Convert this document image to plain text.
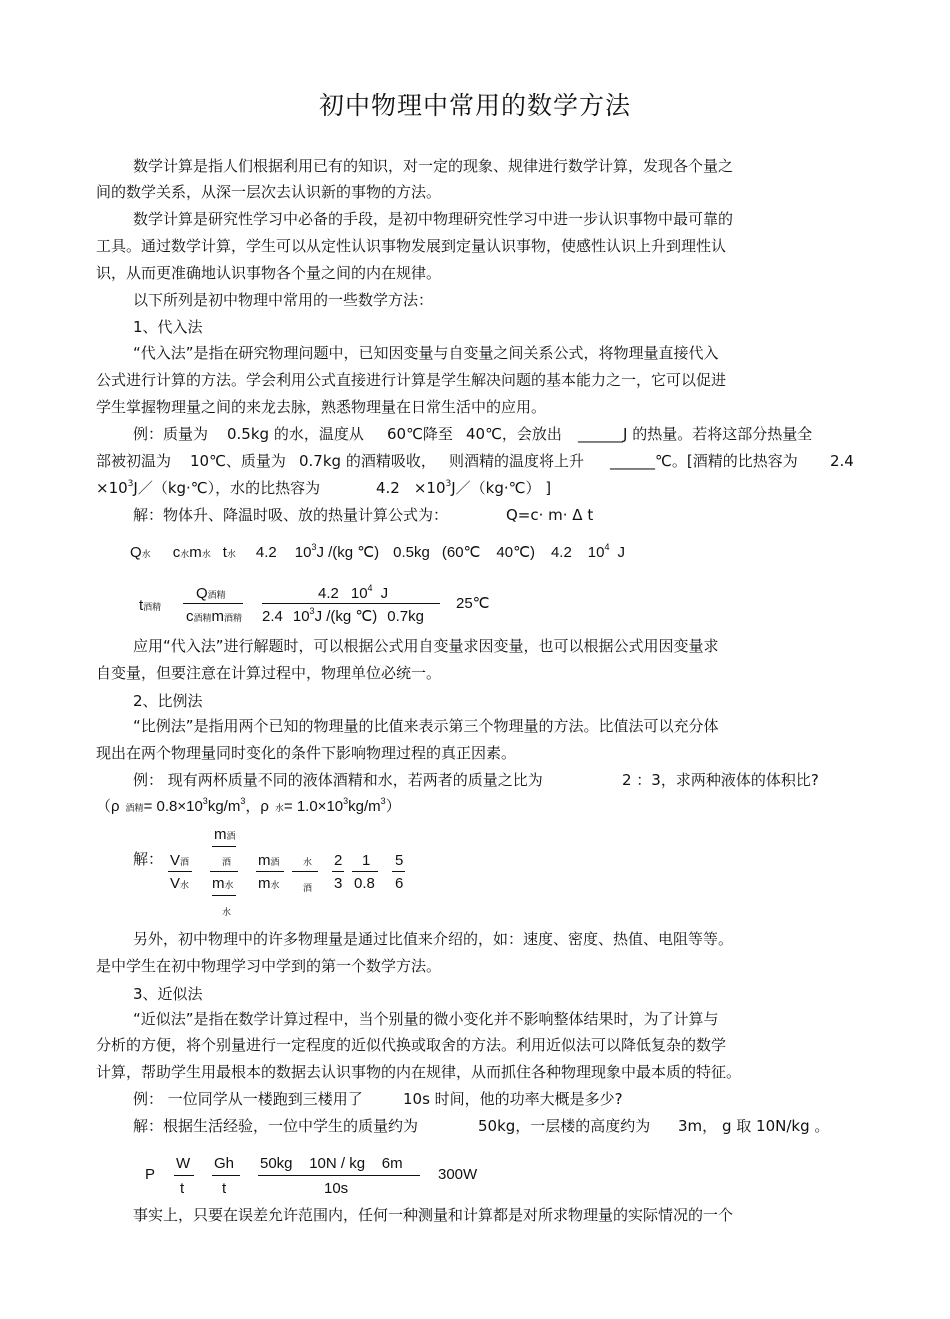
初中物理中常用的数学方法
数学计算是指人们根据利用已有的知识，对一定的现象、规律进行数学计算，发现各个量之
间的数学关系，从深一层次去认识新的事物的方法。
数学计算是研究性学习中必备的手段，是初中物理研究性学习中进一步认识事物中最可靠的
工具。通过数学计算，学生可以从定性认识事物发展到定量认识事物，使感性认识上升到理性认
识，从而更准确地认识事物各个量之间的内在规律。
以下所列是初中物理中常用的一些数学方法：
1、代入法
“代入法”是指在研究物理问题中，已知因变量与自变量之间关系公式，将物理量直接代入
公式进行计算的方法。学会利用公式直接进行计算是学生解决问题的基本能力之一，它可以促进
学生掌握物理量之间的来龙去脉，熟悉物理量在日常生活中的应用。
例：质量为 0.5kg 的水，温度从 60℃降至 40℃，会放出 ______J 的热量。若将这部分热量全
部被初温为 10℃、质量为 0.7kg 的酒精吸收， 则酒精的温度将上升 ______℃。[酒精的比热容为 2.4
$\times 10^3J/(kg\cdot℃)$，水的比热容为	$4.2 \times 10^3J/(kg\cdot℃)$ ]
解：物体升、降温时吸、放的热量计算公式为：	Q=c· m· Δ t
Q水 c水m水 t水 4.2 $10^3J$ /(kg ℃) 0.5kg (60℃ 40℃) 4.2 $10^4$ J
t酒精
Q酒精
c酒精m酒精
4.2 $10^4$ J
2.4 $10^3J$ /(kg ℃) 0.7kg
25℃
应用“代入法”进行解题时，可以根据公式用自变量求因变量，也可以根据公式用因变量求
自变量，但要注意在计算过程中，物理单位必统一。
2、比例法
“比例法”是指用两个已知的物理量的比值来表示第三个物理量的方法。比值法可以充分体
现出在两个物理量同时变化的条件下影响物理过程的真正因素。
例： 现有两杯质量不同的液体酒精和水，若两者的质量之比为	2 ：3，求两种液体的体积比?
（ρ酒精= $0.8\times 10^3kg/m^3$，ρ 水= $1.0\times 10^3kg/m^3$）
解： V酒
V水
m酒
酒
m水
水
m酒
m水
水
酒
2
3
1
0.8
5
6
另外，初中物理中的许多物理量是通过比值来介绍的，如：速度、密度、热值、电阻等等。
是中学生在初中物理学习中学到的第一个数学方法。
3、近似法
“近似法”是指在数学计算过程中，当个别量的微小变化并不影响整体结果时，为了计算与
分析的方便，将个别量进行一定程度的近似代换或取舍的方法。利用近似法可以降低复杂的数学
计算，帮助学生用最根本的数据去认识事物的内在规律，从而抓住各种物理现象中最本质的特征。
例： 一位同学从一楼跑到三楼用了	10s 时间，他的功率大概是多少?
解：根据生活经验，一位中学生的质量约为	50kg，一层楼的高度约为 3m， g 取 10N/kg 。
P
W
t
Gh
t
50kg    10N / kg    6m
10s
300W
事实上，只要在误差允许范围内，任何一种测量和计算都是对所求物理量的实际情况的一个
